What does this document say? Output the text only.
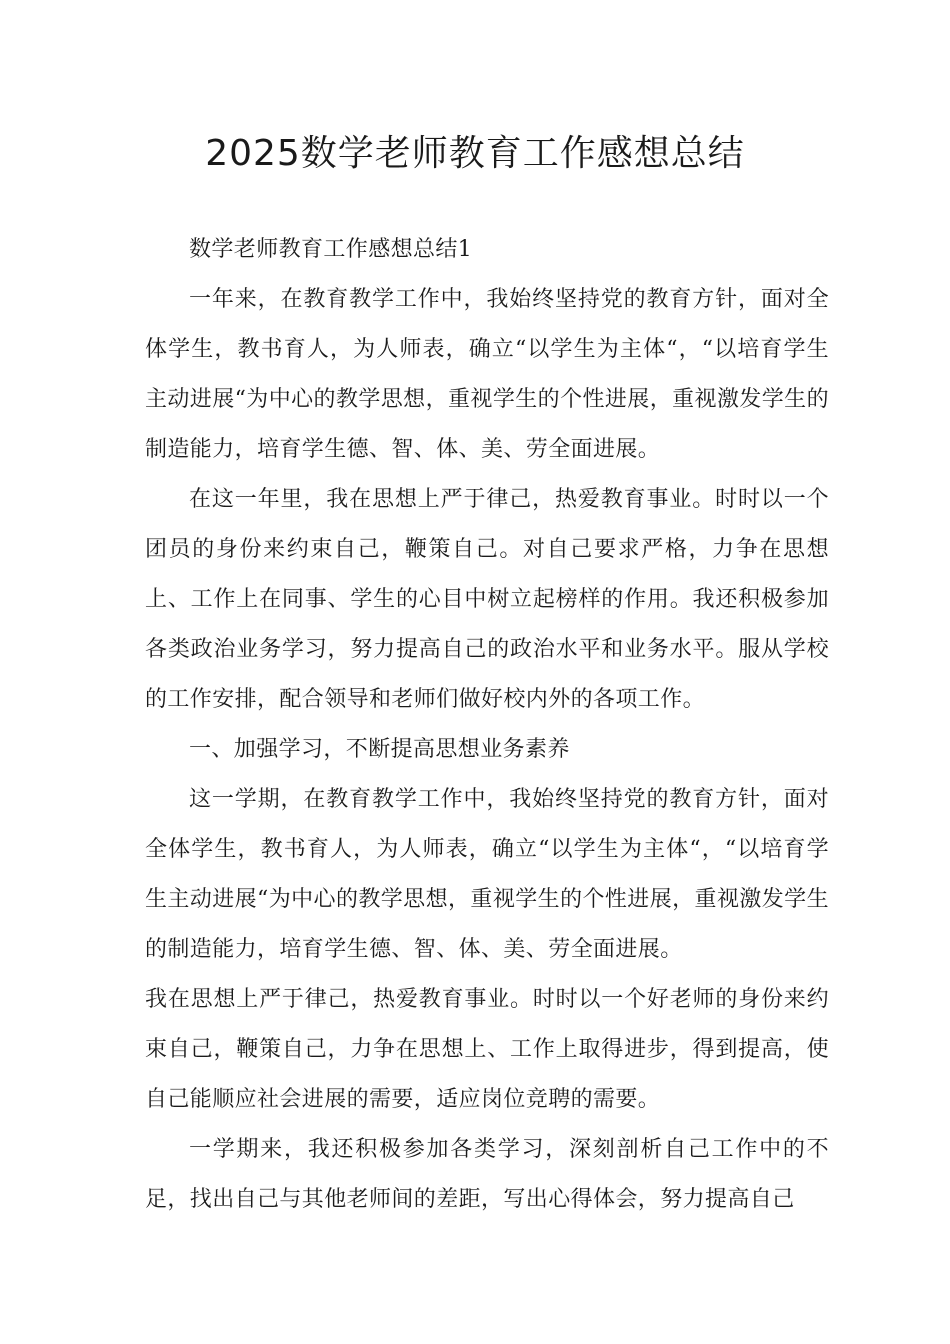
2025数学老师教育工作感想总结

数学老师教育工作感想总结1

一年来，在教育教学工作中，我始终坚持党的教育方针，面对全体学生，教书育人，为人师表，确立“以学生为主体“，“以培育学生主动进展“为中心的教学思想，重视学生的个性进展，重视激发学生的制造能力，培育学生德、智、体、美、劳全面进展。

在这一年里，我在思想上严于律己，热爱教育事业。时时以一个团员的身份来约束自己，鞭策自己。对自己要求严格，力争在思想上、工作上在同事、学生的心目中树立起榜样的作用。我还积极参加各类政治业务学习，努力提高自己的政治水平和业务水平。服从学校的工作安排，配合领导和老师们做好校内外的各项工作。

一、加强学习，不断提高思想业务素养

这一学期，在教育教学工作中，我始终坚持党的教育方针，面对全体学生，教书育人，为人师表，确立“以学生为主体“，“以培育学生主动进展“为中心的教学思想，重视学生的个性进展，重视激发学生的制造能力，培育学生德、智、体、美、劳全面进展。

我在思想上严于律己，热爱教育事业。时时以一个好老师的身份来约束自己，鞭策自己，力争在思想上、工作上取得进步，得到提高，使自己能顺应社会进展的需要，适应岗位竞聘的需要。

一学期来，我还积极参加各类学习，深刻剖析自己工作中的不足，找出自己与其他老师间的差距，写出心得体会，努力提高自己
